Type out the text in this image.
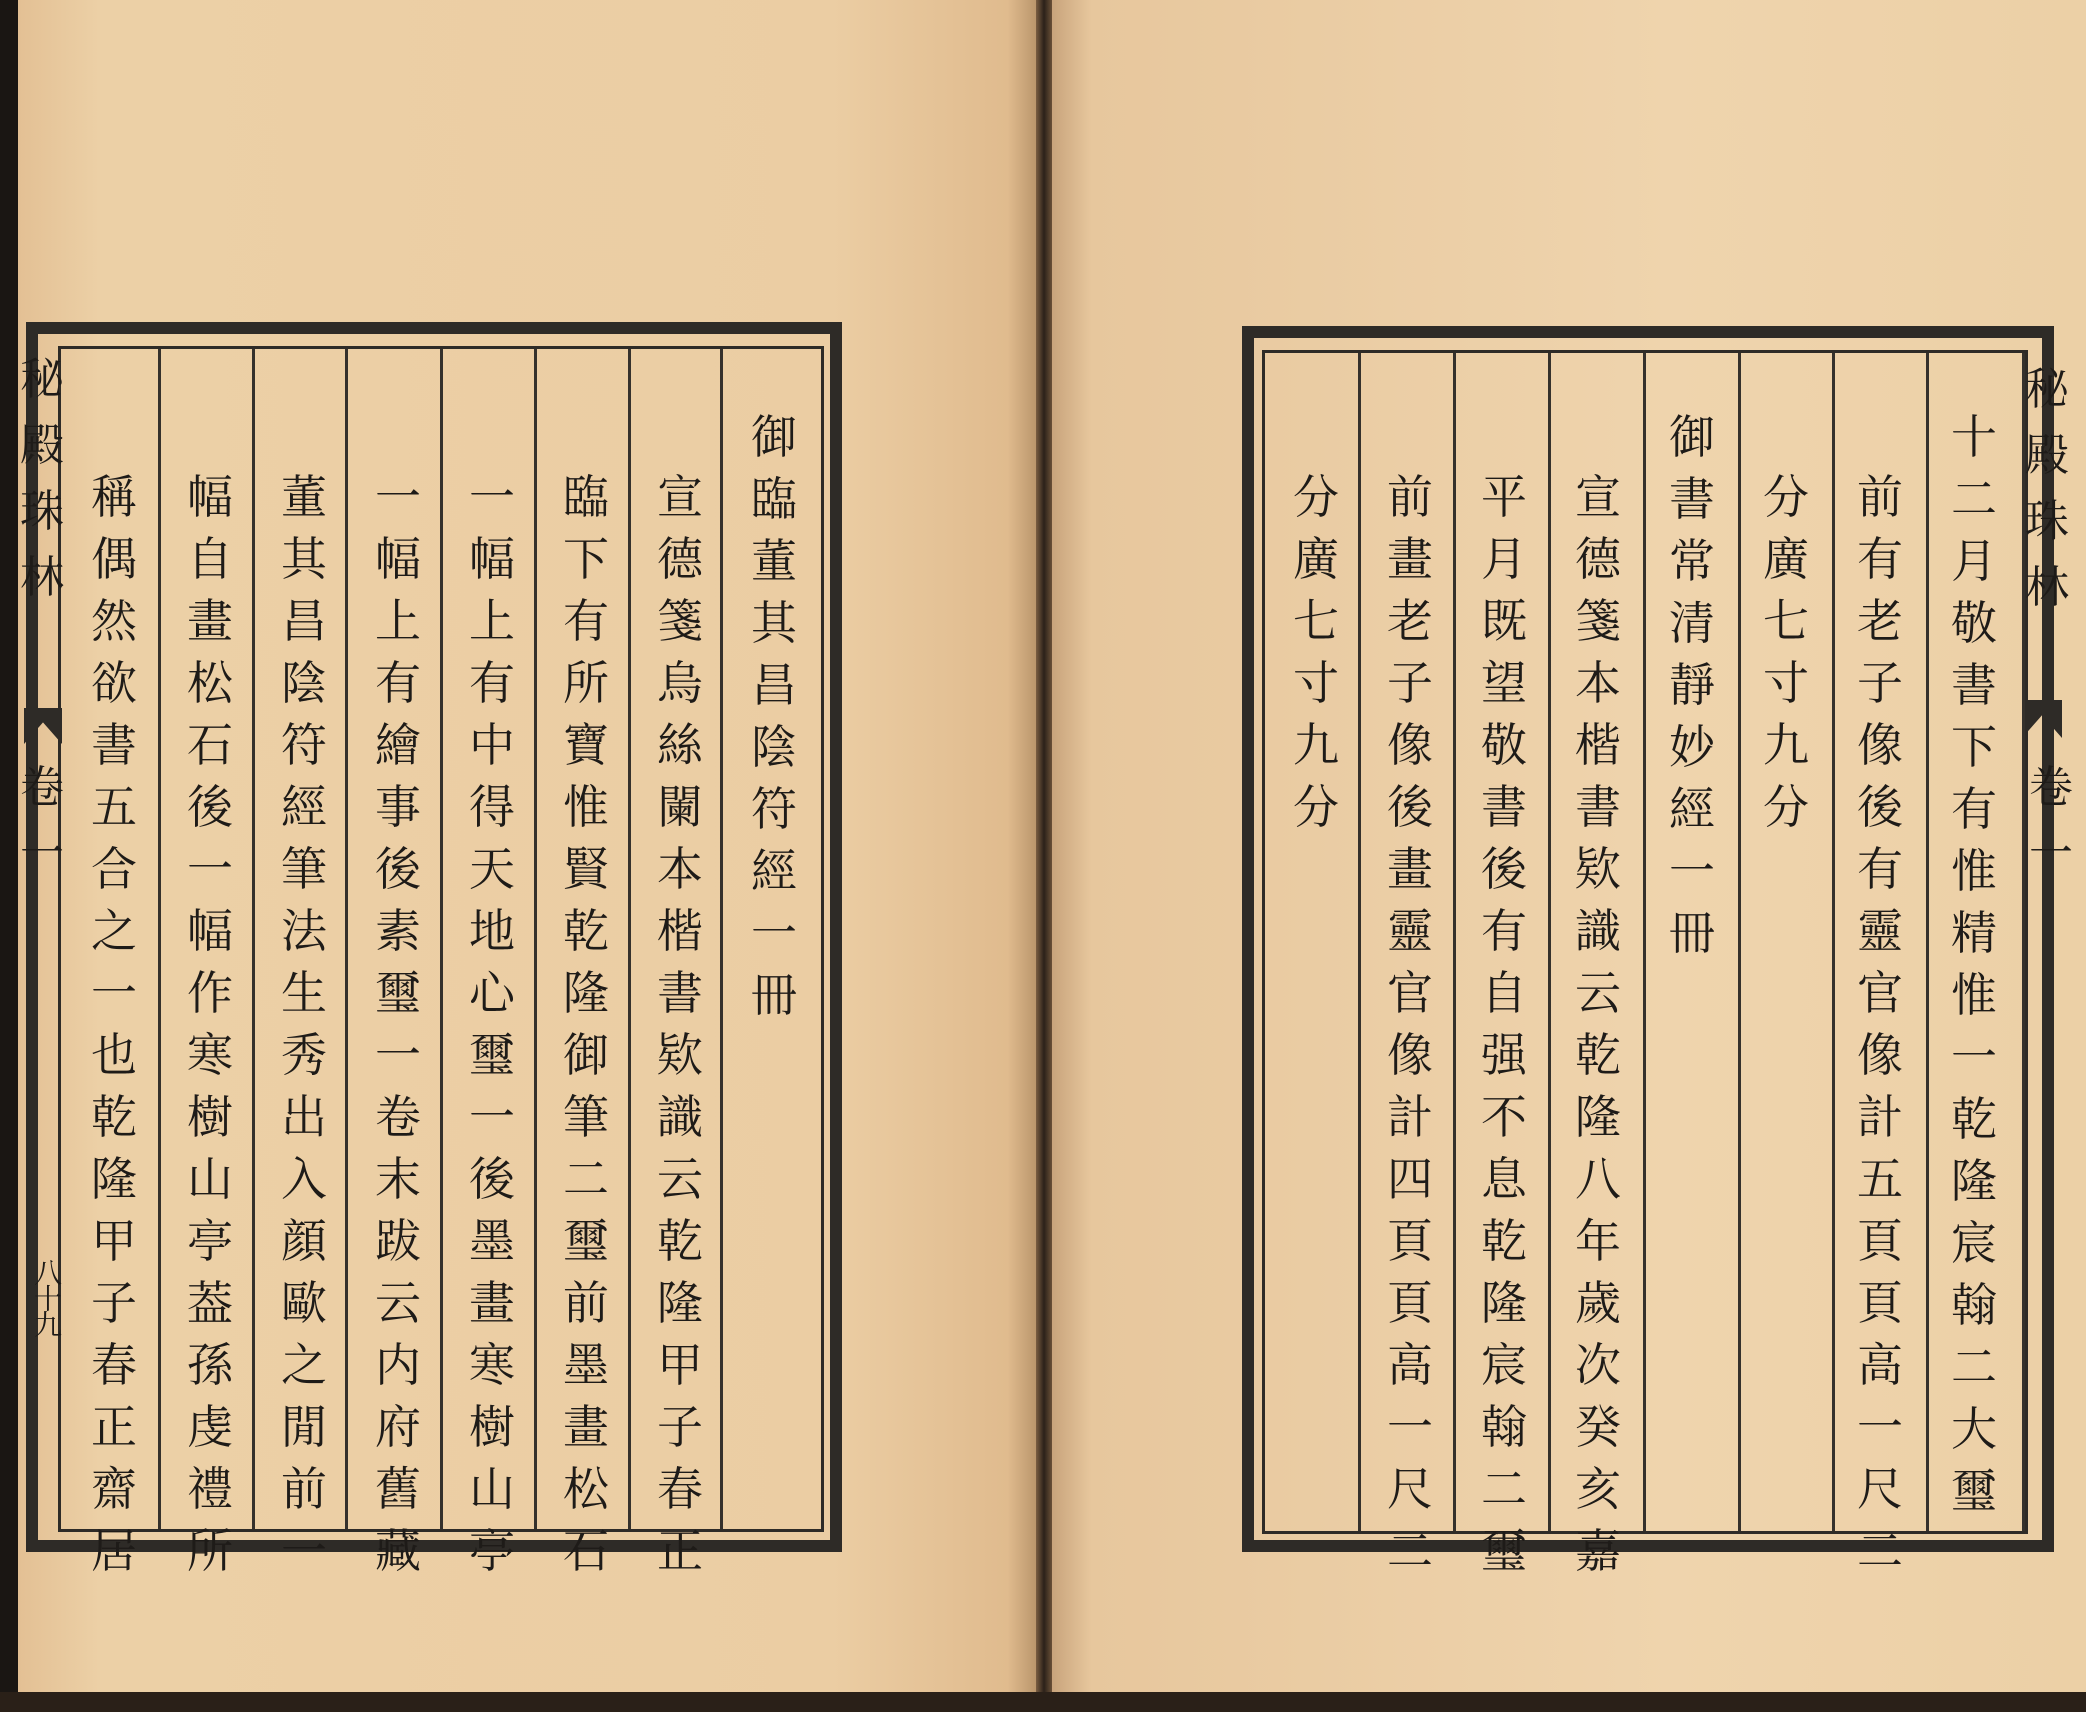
秘
殿
珠
林
卷
一
八十九
御
臨
董
其
昌
陰
符
經
一
冊
宣
德
箋
烏
絲
闌
本
楷
書
欵
識
云
乾
隆
甲
子
春
正
臨
下
有
所
寶
惟
賢
乾
隆
御
筆
二
璽
前
墨
畫
松
石
一
幅
上
有
中
得
天
地
心
璽
一
後
墨
畫
寒
樹
山
亭
一
幅
上
有
繪
事
後
素
璽
一
卷
末
跋
云
内
府
舊
藏
董
其
昌
陰
符
經
筆
法
生
秀
出
入
顔
歐
之
閒
前
一
幅
自
畫
松
石
後
一
幅
作
寒
樹
山
亭
葢
孫
虔
禮
所
稱
偶
然
欲
書
五
合
之
一
也
乾
隆
甲
子
春
正
齋
居
秘
殿
珠
林
卷
一
十
二
月
敬
書
下
有
惟
精
惟
一
乾
隆
宸
翰
二
大
璽
前
有
老
子
像
後
有
靈
官
像
計
五
頁
頁
高
一
尺
二
分
廣
七
寸
九
分
御
書
常
清
靜
妙
經
一
冊
宣
德
箋
本
楷
書
欵
識
云
乾
隆
八
年
歲
次
癸
亥
嘉
平
月
既
望
敬
書
後
有
自
强
不
息
乾
隆
宸
翰
二
璽
前
畫
老
子
像
後
畫
靈
官
像
計
四
頁
頁
高
一
尺
二
分
廣
七
寸
九
分
